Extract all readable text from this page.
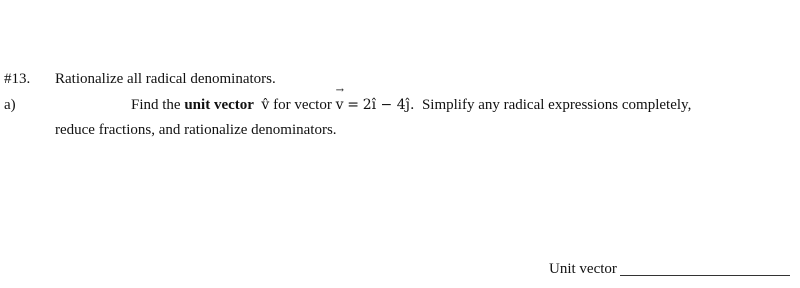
#13. Rationalize all radical denominators.
a)	Find the unit vector v̂ for vector
→
v = 2î − 4ĵ. Simplify any radical expressions completely,
reduce fractions, and rationalize denominators.
Unit vector
